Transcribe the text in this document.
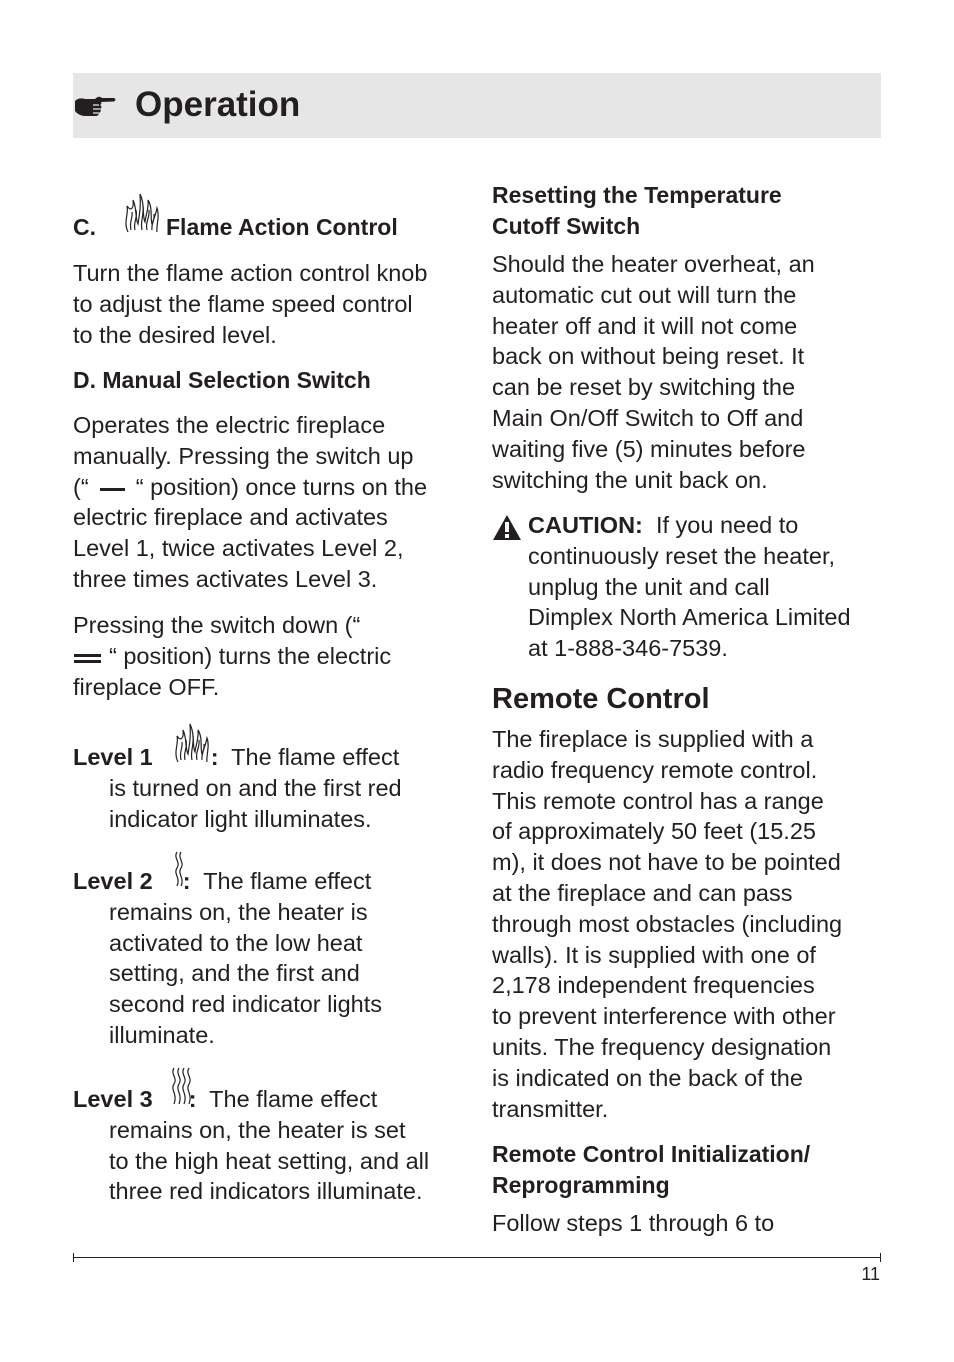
Operation
C.	Flame Action Control
Turn the flame action control knob
to adjust the flame speed control
to the desired level.
D. Manual Selection Switch
Operates the electric fireplace
manually. Pressing the switch up
(“ “ position) once turns on the
electric fireplace and activates
Level 1, twice activates Level 2,
three times activates Level 3.
Pressing the switch down (“
“ position) turns the electric
fireplace OFF.
Level 1 : The flame effect
is turned on and the first red
indicator light illuminates.
Level 2 : The flame effect
remains on, the heater is
activated to the low heat
setting, and the first and
second red indicator lights
illuminate.
Level 3 : The flame effect
remains on, the heater is set
to the high heat setting, and all
three red indicators illuminate.
Resetting the Temperature
Cutoff Switch
Should the heater overheat, an
automatic cut out will turn the
heater off and it will not come
back on without being reset. It
can be reset by switching the
Main On/Off Switch to Off and
waiting five (5) minutes before
switching the unit back on.
CAUTION: If you need to
continuously reset the heater,
unplug the unit and call
Dimplex North America Limited
at 1-888-346-7539.
Remote Control
The fireplace is supplied with a
radio frequency remote control.
This remote control has a range
of approximately 50 feet (15.25
m), it does not have to be pointed
at the fireplace and can pass
through most obstacles (including
walls). It is supplied with one of
2,178 independent frequencies
to prevent interference with other
units. The frequency designation
is indicated on the back of the
transmitter.
Remote Control Initialization/
Reprogramming
Follow steps 1 through 6 to
11
